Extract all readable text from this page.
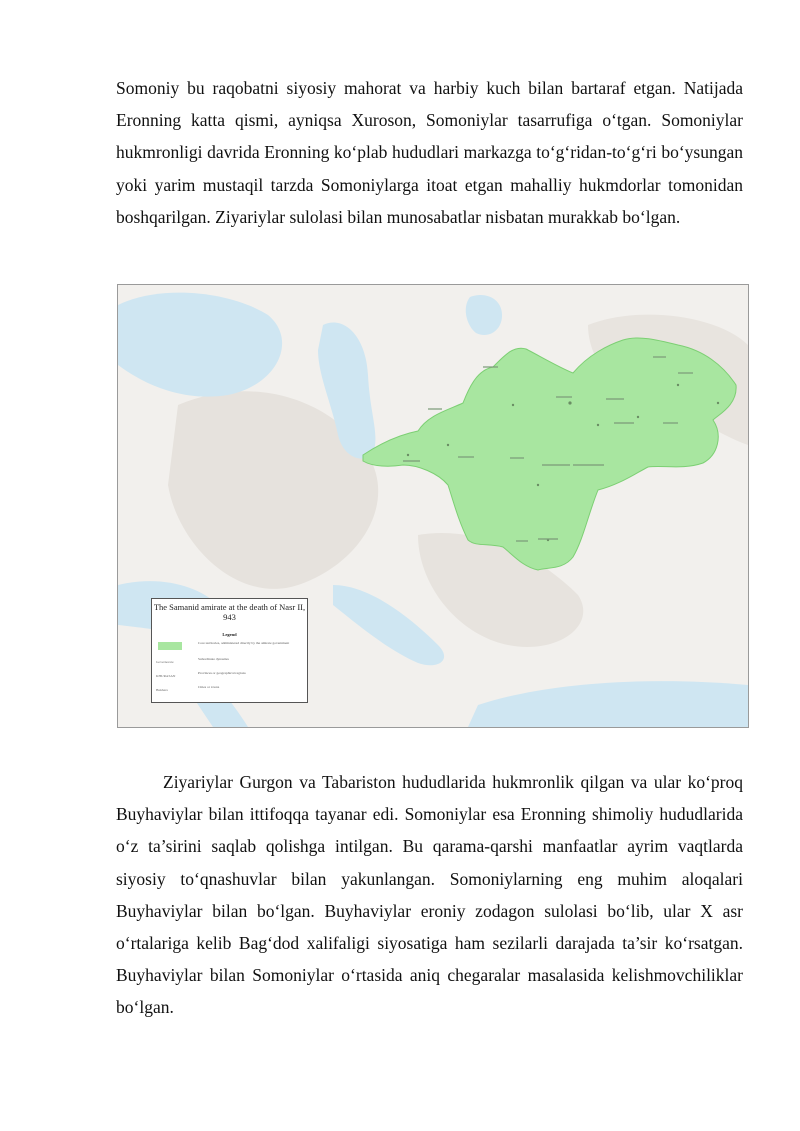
Somoniy bu raqobatni siyosiy mahorat va harbiy kuch bilan bartaraf etgan. Natijada Eronning katta qismi, ayniqsa Xuroson, Somoniylar tasarrufiga o‘tgan. Somoniylar hukmronligi davrida Eronning ko‘plab hududlari markazga to‘g‘ridan-to‘g‘ri bo‘ysungan yoki yarim mustaqil tarzda Somoniylarga itoat etgan mahalliy hukmdorlar tomonidan boshqarilgan. Ziyariylar sulolasi bilan munosabatlar nisbatan murakkab bo‘lgan.

The Samanid amirate at the death of Nasr II, 943
Legend
Core territories, administered directly by the amirate government
Governorate
Subordinate dynasties
KHURASAN
Provinces or geographical regions
Bukhara
Cities or towns

Ziyariylar Gurgon va Tabariston hududlarida hukmronlik qilgan va ular ko‘proq Buyhaviylar bilan ittifoqqa tayanar edi. Somoniylar esa Eronning shimoliy hududlarida o‘z ta’sirini saqlab qolishga intilgan. Bu qarama-qarshi manfaatlar ayrim vaqtlarda siyosiy to‘qnashuvlar bilan yakunlangan. Somoniylarning eng muhim aloqalari Buyhaviylar bilan bo‘lgan. Buyhaviylar eroniy zodagon sulolasi bo‘lib, ular X asr o‘rtalariga kelib Bag‘dod xalifaligi siyosatiga ham sezilarli darajada ta’sir ko‘rsatgan. Buyhaviylar bilan Somoniylar o‘rtasida aniq chegaralar masalasida kelishmovchiliklar bo‘lgan.
